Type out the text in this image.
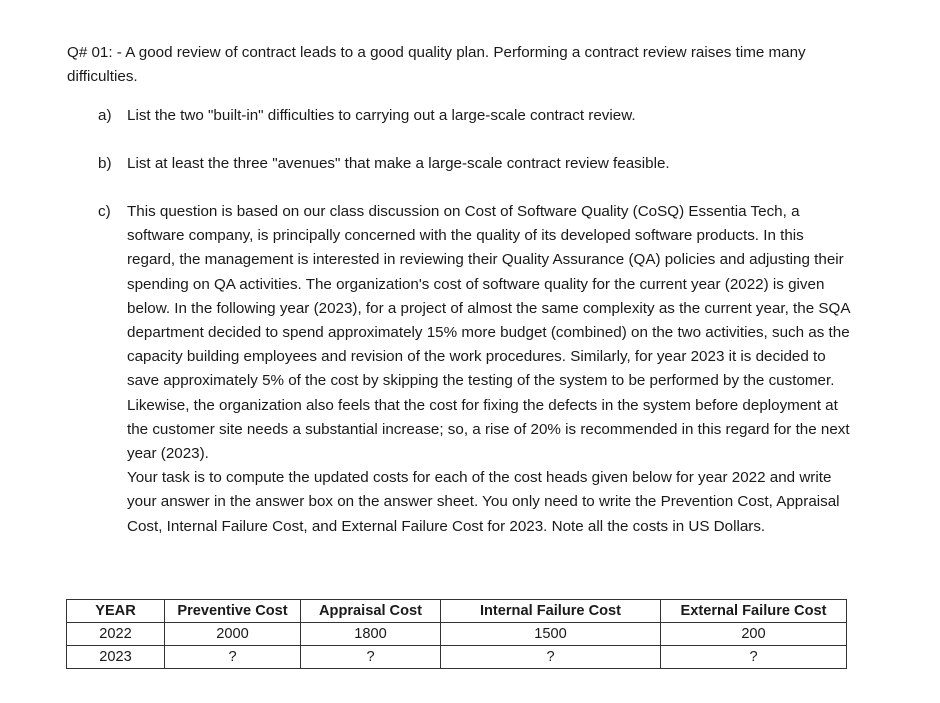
Q# 01: - A good review of contract leads to a good quality plan. Performing a contract review raises time many difficulties.
a)	List the two "built-in" difficulties to carrying out a large-scale contract review.
b)	List at least the three "avenues" that make a large-scale contract review feasible.
c)	This question is based on our class discussion on Cost of Software Quality (CoSQ) Essentia Tech, a software company, is principally concerned with the quality of its developed software products. In this regard, the management is interested in reviewing their Quality Assurance (QA) policies and adjusting their spending on QA activities. The organization's cost of software quality for the current year (2022) is given below. In the following year (2023), for a project of almost the same complexity as the current year, the SQA department decided to spend approximately 15% more budget (combined) on the two activities, such as the capacity building employees and revision of the work procedures. Similarly, for year 2023 it is decided to save approximately 5% of the cost by skipping the testing of the system to be performed by the customer. Likewise, the organization also feels that the cost for fixing the defects in the system before deployment at the customer site needs a substantial increase; so, a rise of 20% is recommended in this regard for the next year (2023).

Your task is to compute the updated costs for each of the cost heads given below for year 2022 and write your answer in the answer box on the answer sheet. You only need to write the Prevention Cost, Appraisal Cost, Internal Failure Cost, and External Failure Cost for 2023. Note all the costs in US Dollars.

YEAR	Preventive Cost	Appraisal Cost	Internal Failure Cost	External Failure Cost
2022	2000	1800	1500	200
2023	?	?	?	?
